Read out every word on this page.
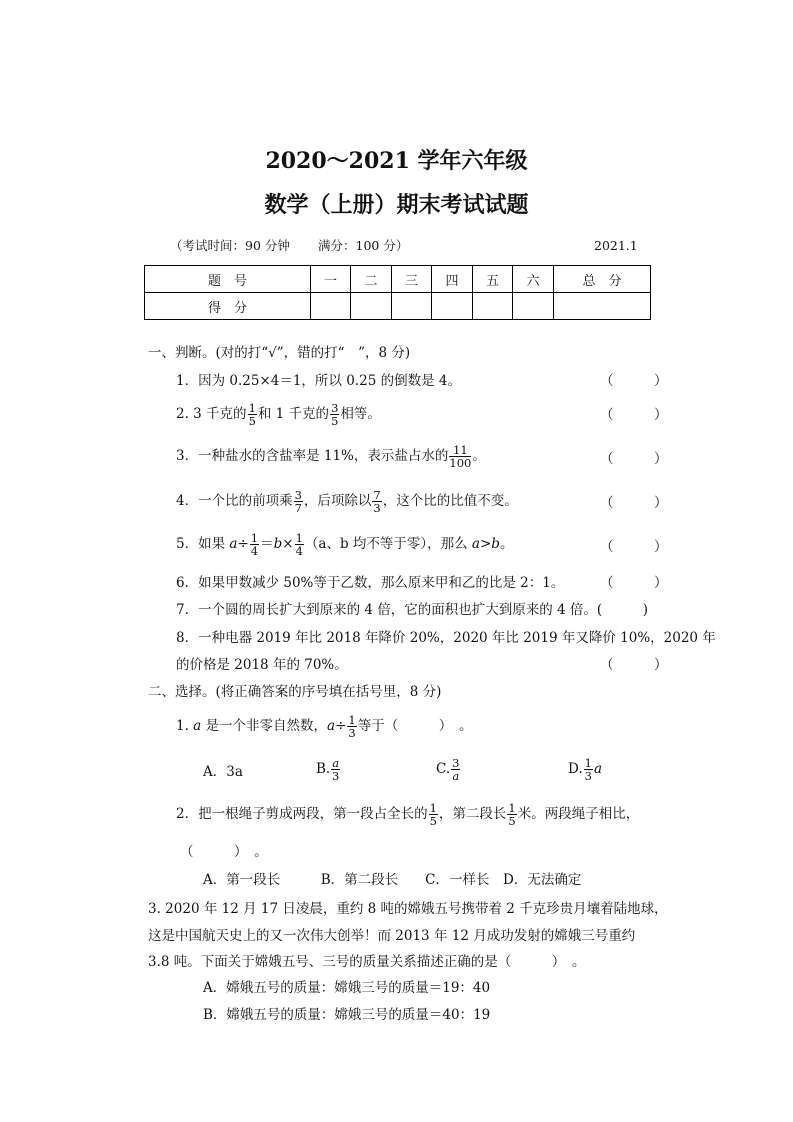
2020～2021 学年六年级
数学（上册）期末考试试题
（考试时间：90 分钟 满分：100 分）	2021.1
题　号	一	二	三	四	五	六	总　分
得　分							
一、判断。(对的打“√”，错的打“　”，8 分)
1．因为 0.25×4＝1，所以 0.25 的倒数是 4。	（　　　）
2. 3 千克的 $\frac{1}{5}$ 和 1 千克的 $\frac{3}{5}$ 相等。	（　　　）
3．一种盐水的含盐率是 11%，表示盐占水的 $\frac{11}{100}$ 。	（　　　）
4．一个比的前项乘 $\frac{3}{7}$ ，后项除以 $\frac{7}{3}$ ，这个比的比值不变。	（　　　）
5．如果 $a\div \frac{1}{4} =b\times \frac{1}{4} (a$、b 均不等于零），那么 a>b。	（　　　）
6．如果甲数减少 50%等于乙数，那么原来甲和乙的比是 2：1。	（　　　）
7．一个圆的周长扩大到原来的 4 倍，它的面积也扩大到原来的 4 倍。(　　　)
8．一种电器 2019 年比 2018 年降价 20%，2020 年比 2019 年又降价 10%，2020 年
的价格是 2018 年的 70%。	（　　　）
二、选择。(将正确答案的序号填在括号里，8 分)
1. a 是一个非零自然数，$a\div \frac{1}{3}$ 等于（　　　）　。
A．3a	B. $\frac{a}{3}$	C. $\frac{3}{a}$	D. $\frac{1}{3}$ a
2．把一根绳子剪成两段，第一段占全长的 $\frac{1}{5}$ ，第二段长 $\frac{1}{5}$ 米。两段绳子相比，
（　　　）　。
A．第一段长　　　B．第二段长　　C．一样长　D．无法确定
3. 2020 年 12 月 17 日凌晨，重约 8 吨的嫦娥五号携带着 2 千克珍贵月壤着陆地球，
这是中国航天史上的又一次伟大创举！而 2013 年 12 月成功发射的嫦娥三号重约
3.8 吨。下面关于嫦娥五号、三号的质量关系描述正确的是（　　　）　。
A．嫦娥五号的质量：嫦娥三号的质量＝19：40
B．嫦娥五号的质量：嫦娥三号的质量＝40：19
